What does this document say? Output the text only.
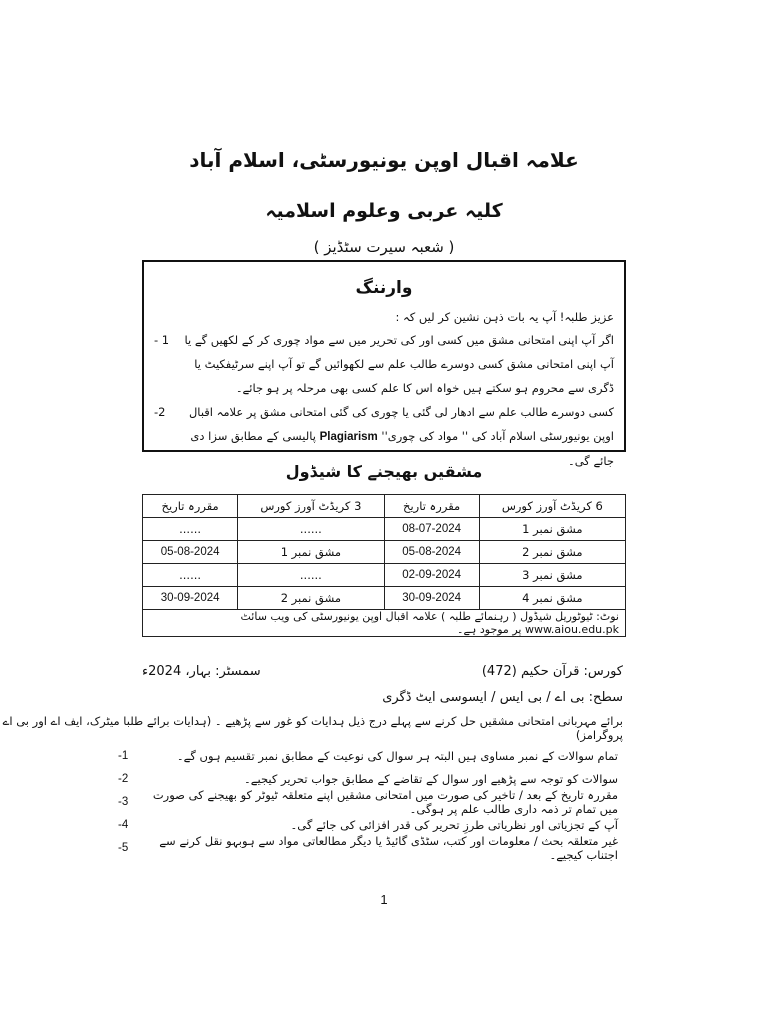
علامہ اقبال اوپن یونیورسٹی، اسلام آباد
کلیہ عربی وعلوم اسلامیہ
( شعبہ سیرت سٹڈیز )
وارننگ
عزیز طلبہ! آپ یہ بات ذہن نشین کر لیں کہ :
اگر آپ اپنی امتحانی مشق میں کسی اور کی تحریر میں سے مواد چوری کر کے لکھیں گے یا آپ اپنی امتحانی مشق کسی دوسرے طالب علم سے لکھوائیں گے تو آپ اپنے سرٹیفکیٹ یا ڈگری سے محروم ہو سکتے ہیں خواہ اس کا علم کسی بھی مرحلہ پر ہو جائے۔
- 1
کسی دوسرے طالب علم سے ادھار لی گئی یا چوری کی گئی امتحانی مشق پر علامہ اقبال اوپن یونیورسٹی اسلام آباد کی '' مواد کی چوری'' Plagiarism پالیسی کے مطابق سزا دی جائے گی۔
-2
مشقیں بھیجنے کا شیڈول
6 کریڈٹ آورز کورس	مقررہ تاریخ	3 کریڈٹ آورز کورس	مقررہ تاریخ
مشق نمبر 1	08-07-2024	......	......
مشق نمبر 2	05-08-2024	مشق نمبر 1	05-08-2024
مشق نمبر 3	02-09-2024	......	......
مشق نمبر 4	30-09-2024	مشق نمبر 2	30-09-2024
نوٹ: ٹیوٹوریل شیڈول ( رہنمائے طلبہ ) علامہ اقبال اوپن یونیورسٹی کی ویب سائٹ www.aiou.edu.pk پر موجود ہے۔			
کورس: قرآن حکیم (472)
سمسٹر: بہار، 2024ء
سطح: بی اے / بی ایس / ایسوسی ایٹ ڈگری
برائے مہربانی امتحانی مشقیں حل کرنے سے پہلے درج ذیل ہدایات کو غور سے پڑھیے ۔ (ہدایات برائے طلبا میٹرک، ایف اے اور بی اے پروگرامز)
تمام سوالات کے نمبر مساوی ہیں البتہ ہر سوال کی نوعیت کے مطابق نمبر تقسیم ہوں گے۔
-1
سوالات کو توجہ سے پڑھیے اور سوال کے تقاضے کے مطابق جواب تحریر کیجیے۔
-2
مقررہ تاریخ کے بعد / تاخیر کی صورت میں امتحانی مشقیں اپنے متعلقہ ٹیوٹر کو بھیجنے کی صورت میں تمام تر ذمہ داری طالب علم پر ہوگی۔
-3
آپ کے تجزیاتی اور نظریاتی طرزِ تحریر کی قدر افزائی کی جائے گی۔
-4
غیر متعلقہ بحث / معلومات اور کتب، سٹڈی گائیڈ یا دیگر مطالعاتی مواد سے ہوبہو نقل کرنے سے اجتناب کیجیے۔
-5
1
